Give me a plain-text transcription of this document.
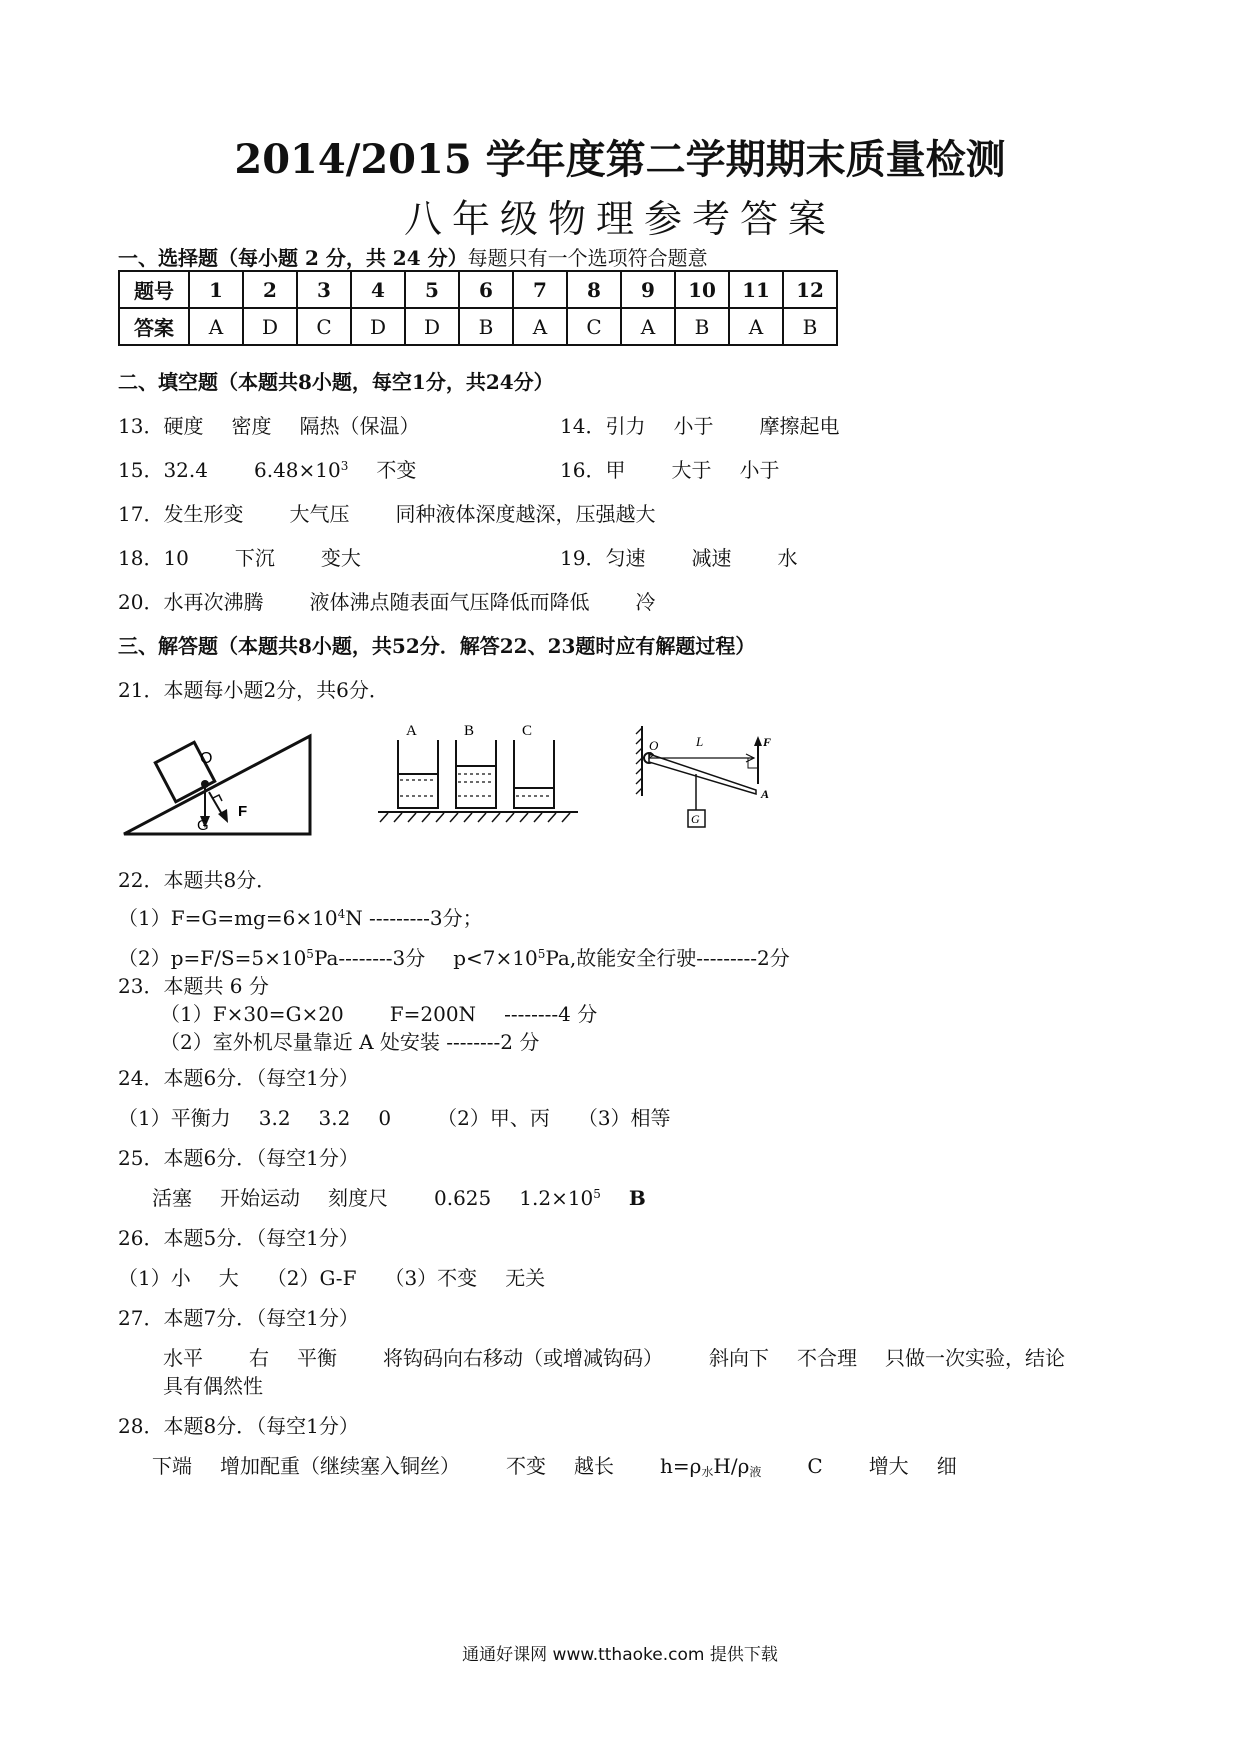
2014/2015 学年度第二学期期末质量检测
八年级物理参考答案
一、选择题（每小题 2 分，共 24 分）每题只有一个选项符合题意
题号	1	2	3	4	5	6	7	8	9	10	11	12
答案	A	D	C	D	D	B	A	C	A	B	A	B
二、填空题（本题共8小题，每空1分，共24分）
13．硬度 密度 隔热（保温）	14．引力 小于 摩擦起电
15．32.4 $6.48\times 10^3$ 不变	16．甲 大于 小于
17．发生形变 大气压 同种液体深度越深，压强越大
18．10 下沉 变大	19．匀速 减速 水
20．水再次沸腾 液体沸点随表面气压降低而降低 冷
三、解答题（本题共8小题，共52分．解答22、23题时应有解题过程）
21．本题每小题2分，共6分．
O
G
F
A	B	C
O	L	F
A
G
22．本题共8分．
$(1)F=G=mg=6\times 10^4N$ ---------3分；
$(2)p=F/S=5\times 10^5Pa--------3$分 $p<7\times 10^5Pa$,故能安全行驶---------2分
23．本题共 6 分
（1）F×30=G×20 F=200N --------4 分
（2）室外机尽量靠近 A 处安装 --------2 分
24．本题6分．（每空1分）
（1）平衡力 3.2 3.2 0 （2）甲、丙 （3）相等
25．本题6分．（每空1分）
活塞 开始运动 刻度尺 0.625 $1.2\times 10^5$ B
26．本题5分．（每空1分）
（1）小 大 （2）G-F （3）不变 无关
27．本题7分．（每空1分）
水平 右 平衡 将钩码向右移动（或增减钩码） 斜向下 不合理 只做一次实验，结论
具有偶然性
28．本题8分．（每空1分）
下端 增加配重（继续塞入铜丝） 不变 越长 $h=\rho_水H/\rho_液$ C 增大 细
通通好课网 www.tthaoke.com 提供下载
